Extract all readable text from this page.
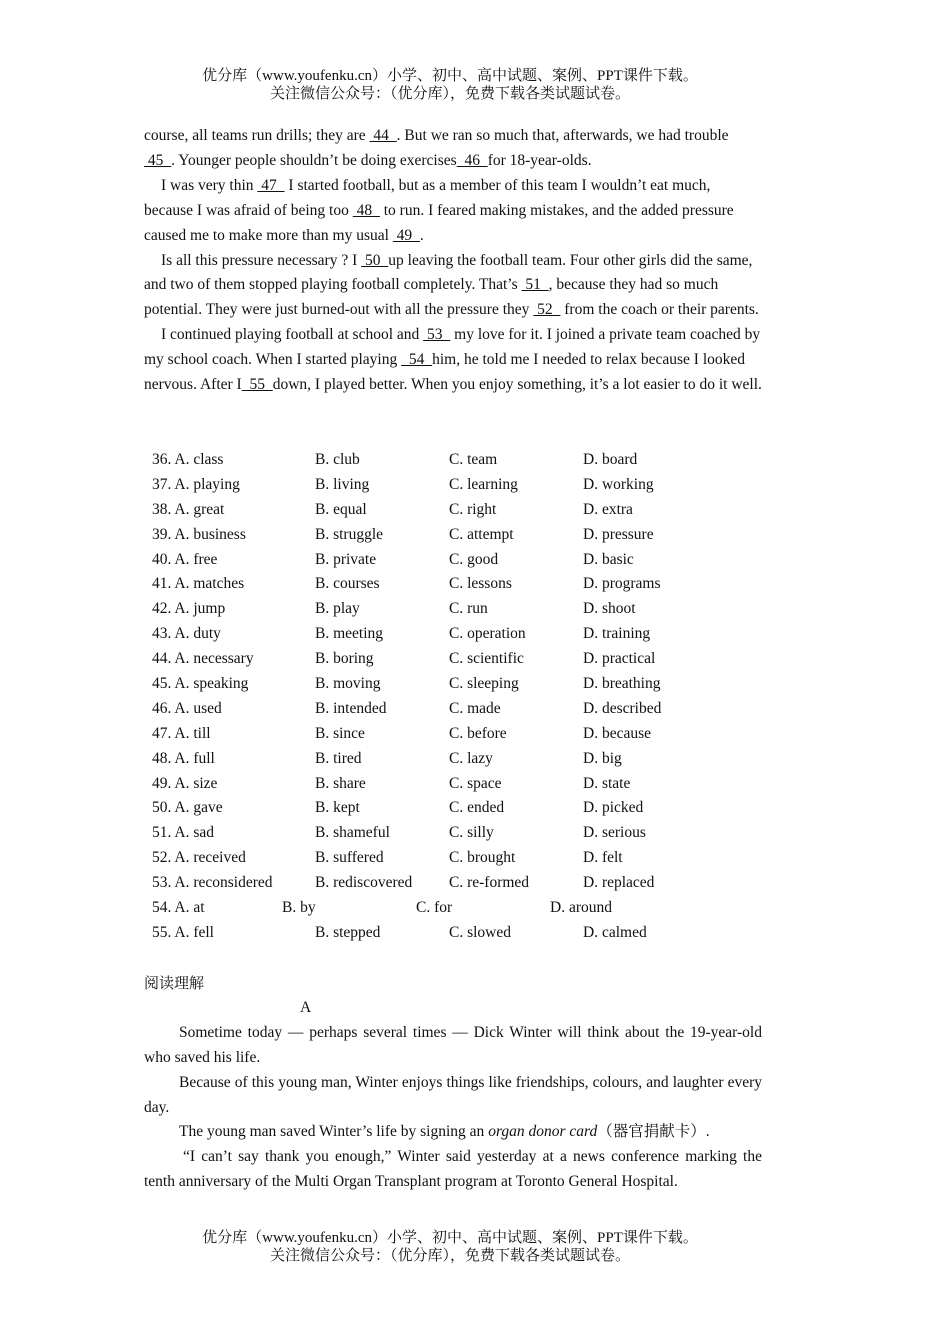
优分库（www.youfenku.cn）小学、初中、高中试题、案例、PPT课件下载。
关注微信公众号：（优分库），免费下载各类试题试卷。

course, all teams run drills; they are  44  . But we ran so much that, afterwards, we had trouble  45  . Younger people shouldn’t be doing exercises  46  for 18-year-olds.

I was very thin  47   I started football, but as a member of this team I wouldn’t eat much, because I was afraid of being too  48   to run. I feared making mistakes, and the added pressure caused me to make more than my usual  49  .

Is all this pressure necessary ? I  50  up leaving the football team. Four other girls did the same, and two of them stopped playing football completely. That’s  51  , because they had so much potential. They were just burned-out with all the pressure they  52   from the coach or their parents.

I continued playing football at school and  53   my love for it. I joined a private team coached by my school coach. When I started playing   54  him, he told me I needed to relax because I looked nervous. After I  55  down, I played better. When you enjoy something, it’s a lot easier to do it well.

36. A. class	B. club	C. team	D. board
37. A. playing	B. living	C. learning	D. working
38. A. great	B. equal	C. right	D. extra
39. A. business	B. struggle	C. attempt	D. pressure
40. A. free	B. private	C. good	D. basic
41. A. matches	B. courses	C. lessons	D. programs
42. A. jump	B. play	C. run	D. shoot
43. A. duty	B. meeting	C. operation	D. training
44. A. necessary	B. boring	C. scientific	D. practical
45. A. speaking	B. moving	C. sleeping	D. breathing
46. A. used	B. intended	C. made	D. described
47. A. till	B. since	C. before	D. because
48. A. full	B. tired	C. lazy	D. big
49. A. size	B. share	C. space	D. state
50. A. gave	B. kept	C. ended	D. picked
51. A. sad	B. shameful	C. silly	D. serious
52. A. received	B. suffered	C. brought	D. felt
53. A. reconsidered	B. rediscovered C. re-formed	D. replaced
54. A. at	B. by	C. for	D. around
55. A. fell	B. stepped	C. slowed	D. calmed
阅读理解
A

Sometime today — perhaps several times — Dick Winter will think about the 19-year-old who saved his life.

Because of this young man, Winter enjoys things like friendships, colours, and laughter every day.

The young man saved Winter’s life by signing an organ donor card（器官捐献卡）.

“I can’t say thank you enough,” Winter said yesterday at a news conference marking the tenth anniversary of the Multi Organ Transplant program at Toronto General Hospital.

优分库（www.youfenku.cn）小学、初中、高中试题、案例、PPT课件下载。
关注微信公众号：（优分库），免费下载各类试题试卷。
